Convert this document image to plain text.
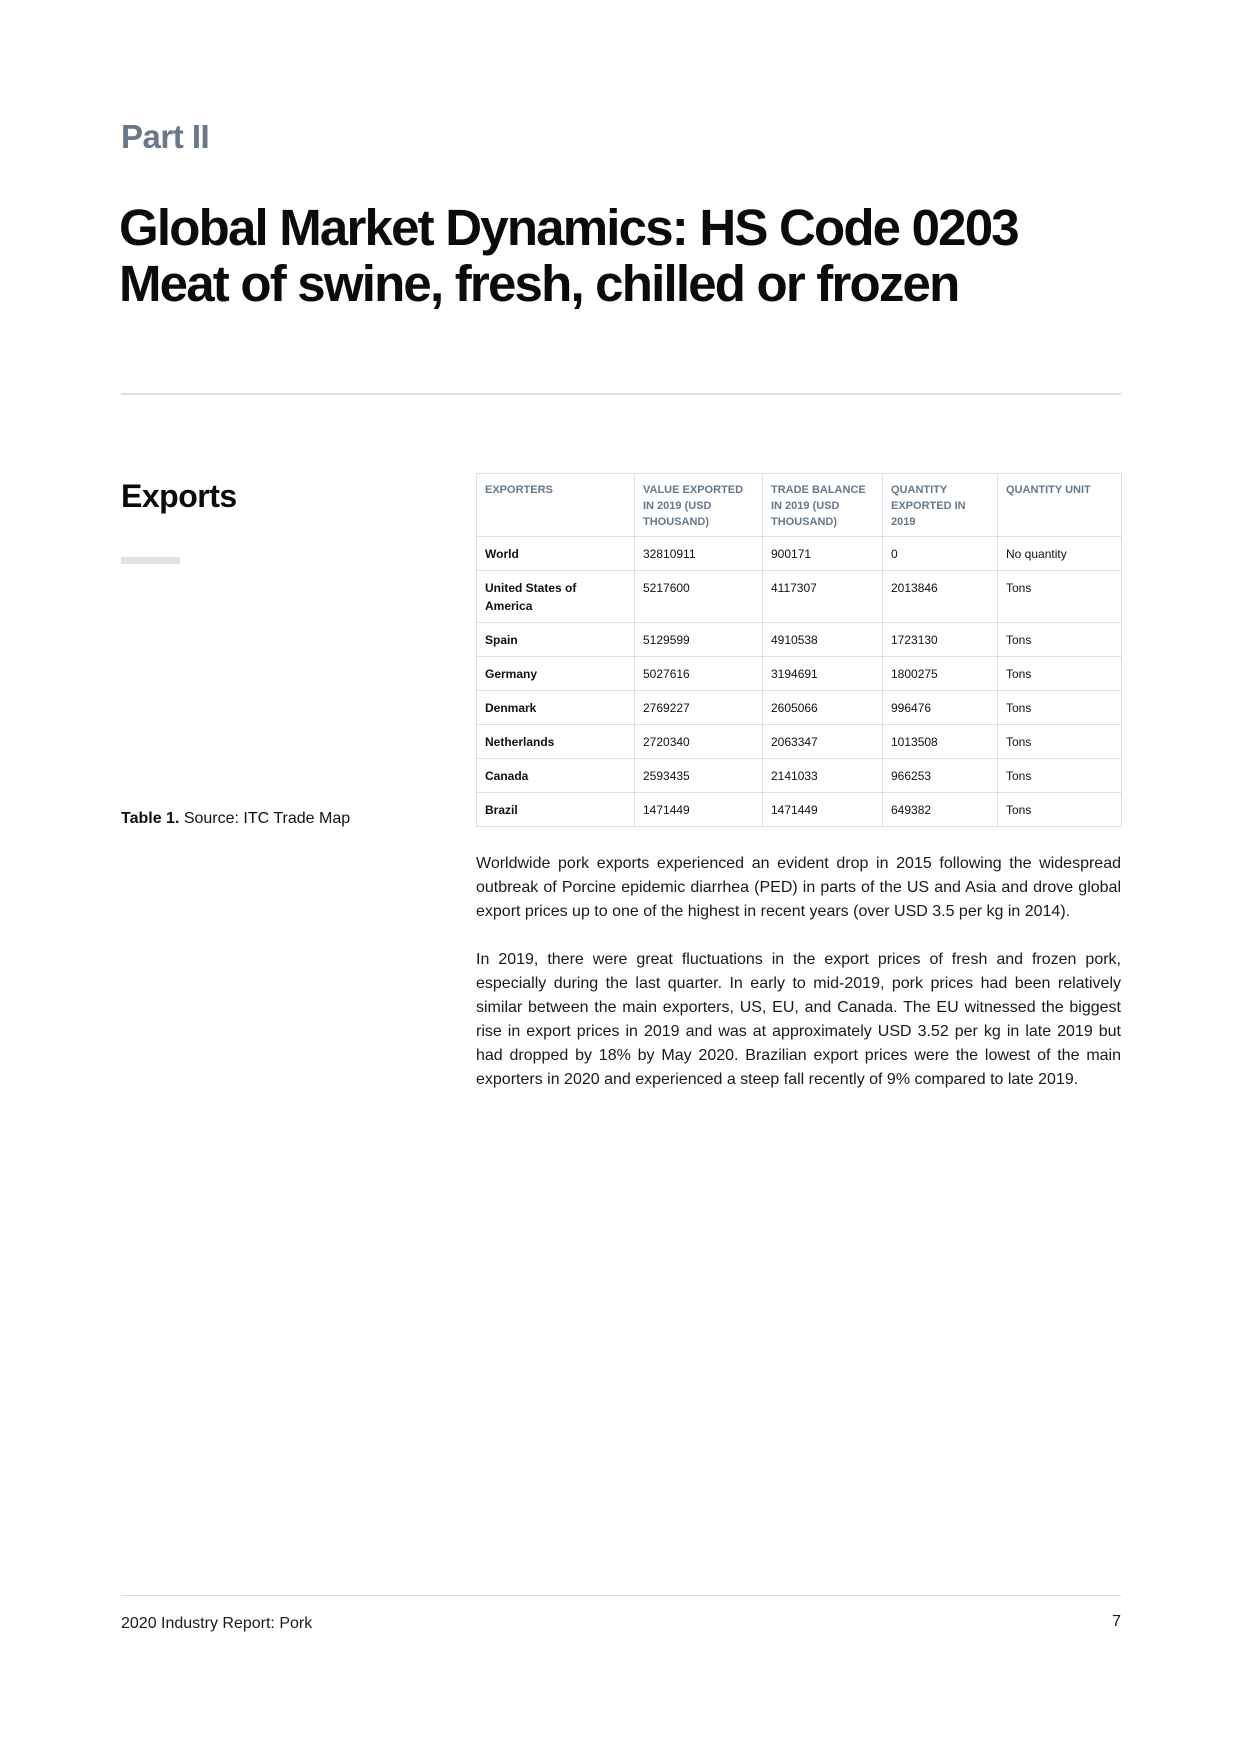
Part II
Global Market Dynamics: HS Code 0203
Meat of swine, fresh, chilled or frozen
Exports
Table 1. Source: ITC Trade Map
EXPORTERS	VALUE EXPORTED IN 2019 (USD THOUSAND)	TRADE BALANCE IN 2019 (USD THOUSAND)	QUANTITY EXPORTED IN 2019	QUANTITY UNIT
World	32810911	900171	0	No quantity
United States of America	5217600	4117307	2013846	Tons
Spain	5129599	4910538	1723130	Tons
Germany	5027616	3194691	1800275	Tons
Denmark	2769227	2605066	996476	Tons
Netherlands	2720340	2063347	1013508	Tons
Canada	2593435	2141033	966253	Tons
Brazil	1471449	1471449	649382	Tons

Worldwide pork exports experienced an evident drop in 2015 following the widespread outbreak of Porcine epidemic diarrhea (PED) in parts of the US and Asia and drove global export prices up to one of the highest in recent years (over USD 3.5 per kg in 2014).

In 2019, there were great fluctuations in the export prices of fresh and frozen pork, especially during the last quarter. In early to mid-2019, pork prices had been relatively similar between the main exporters, US, EU, and Canada. The EU witnessed the biggest rise in export prices in 2019 and was at approximately USD 3.52 per kg in late 2019 but had dropped by 18% by May 2020. Brazilian export prices were the lowest of the main exporters in 2020 and experienced a steep fall recently of 9% compared to late 2019.

2020 Industry Report: Pork	7
